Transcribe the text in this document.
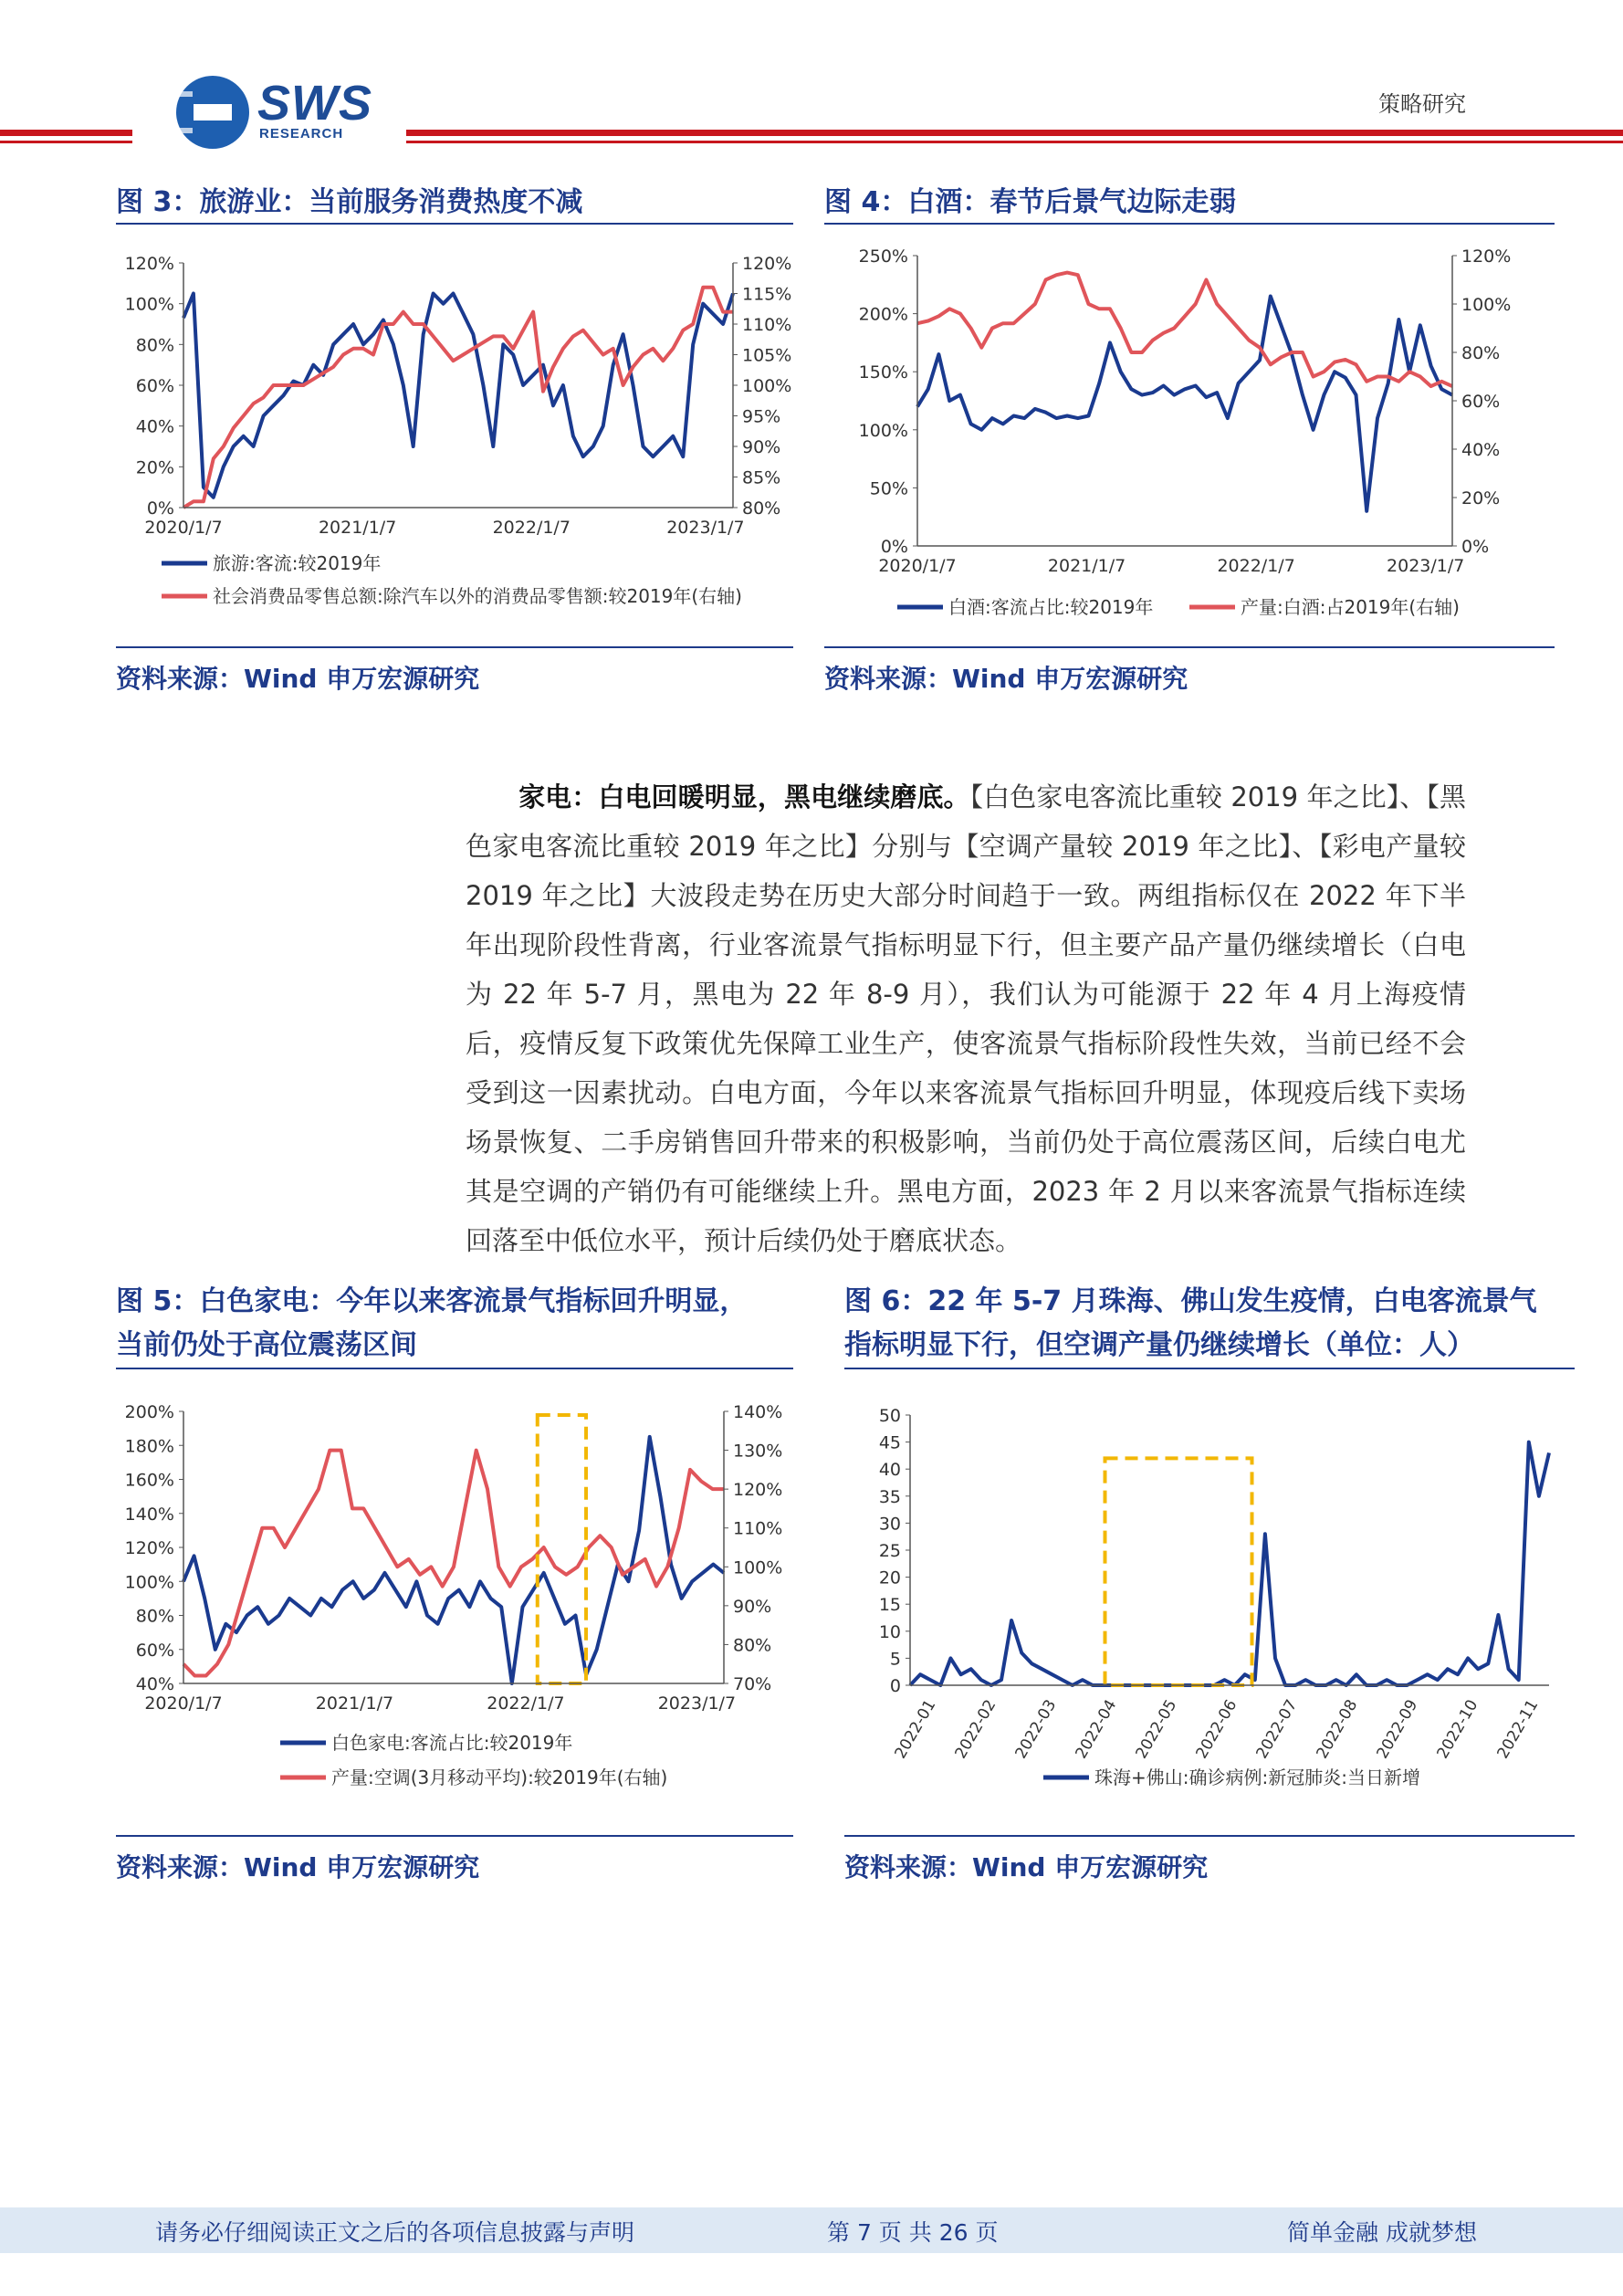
SWS
RESEARCH
策略研究
图 3：旅游业：当前服务消费热度不减
0%
20%
40%
60%
80%
100%
120%
80%
85%
90%
95%
100%
105%
110%
115%
120%
2020/1/7	2021/1/7	2022/1/7	2023/1/7
旅游:客流:较2019年
社会消费品零售总额:除汽车以外的消费品零售额:较2019年(右轴)
资料来源：Wind 申万宏源研究
图 4：白酒：春节后景气边际走弱
0%
50%
100%
150%
200%
250%
0%
20%
40%
60%
80%
100%
120%
2020/1/7	2021/1/7	2022/1/7	2023/1/7
白酒:客流占比:较2019年	产量:白酒:占2019年(右轴)
资料来源：Wind 申万宏源研究
家电：白电回暖明显，黑电继续磨底。【白色家电客流比重较 2019 年之比】、【黑色家电客流比重较 2019 年之比】分别与【空调产量较 2019 年之比】、【彩电产量较 2019 年之比】大波段走势在历史大部分时间趋于一致。两组指标仅在 2022 年下半年出现阶段性背离，行业客流景气指标明显下行，但主要产品产量仍继续增长（白电为 22 年 5-7 月，黑电为 22 年 8-9 月），我们认为可能源于 22 年 4 月上海疫情后，疫情反复下政策优先保障工业生产，使客流景气指标阶段性失效，当前已经不会受到这一因素扰动。白电方面，今年以来客流景气指标回升明显，体现疫后线下卖场场景恢复、二手房销售回升带来的积极影响，当前仍处于高位震荡区间，后续白电尤其是空调的产销仍有可能继续上升。黑电方面，2023 年 2 月以来客流景气指标连续回落至中低位水平，预计后续仍处于磨底状态。
图 5：白色家电：今年以来客流景气指标回升明显，
当前仍处于高位震荡区间
40%
60%
80%
100%
120%
140%
160%
180%
200%
70%
80%
90%
100%
110%
120%
130%
140%
2020/1/7	2021/1/7	2022/1/7	2023/1/7
白色家电:客流占比:较2019年
产量:空调(3月移动平均):较2019年(右轴)
资料来源：Wind 申万宏源研究
图 6：22 年 5-7 月珠海、佛山发生疫情，白电客流景气
指标明显下行，但空调产量仍继续增长（单位：人）
0
5
10
15
20
25
30
35
40
45
50
2022-01 2022-02 2022-03 2022-04 2022-05 2022-06 2022-07 2022-08 2022-09 2022-10 2022-11
珠海+佛山:确诊病例:新冠肺炎:当日新增
资料来源：Wind 申万宏源研究
请务必仔细阅读正文之后的各项信息披露与声明	第 7 页 共 26 页	简单金融 成就梦想
